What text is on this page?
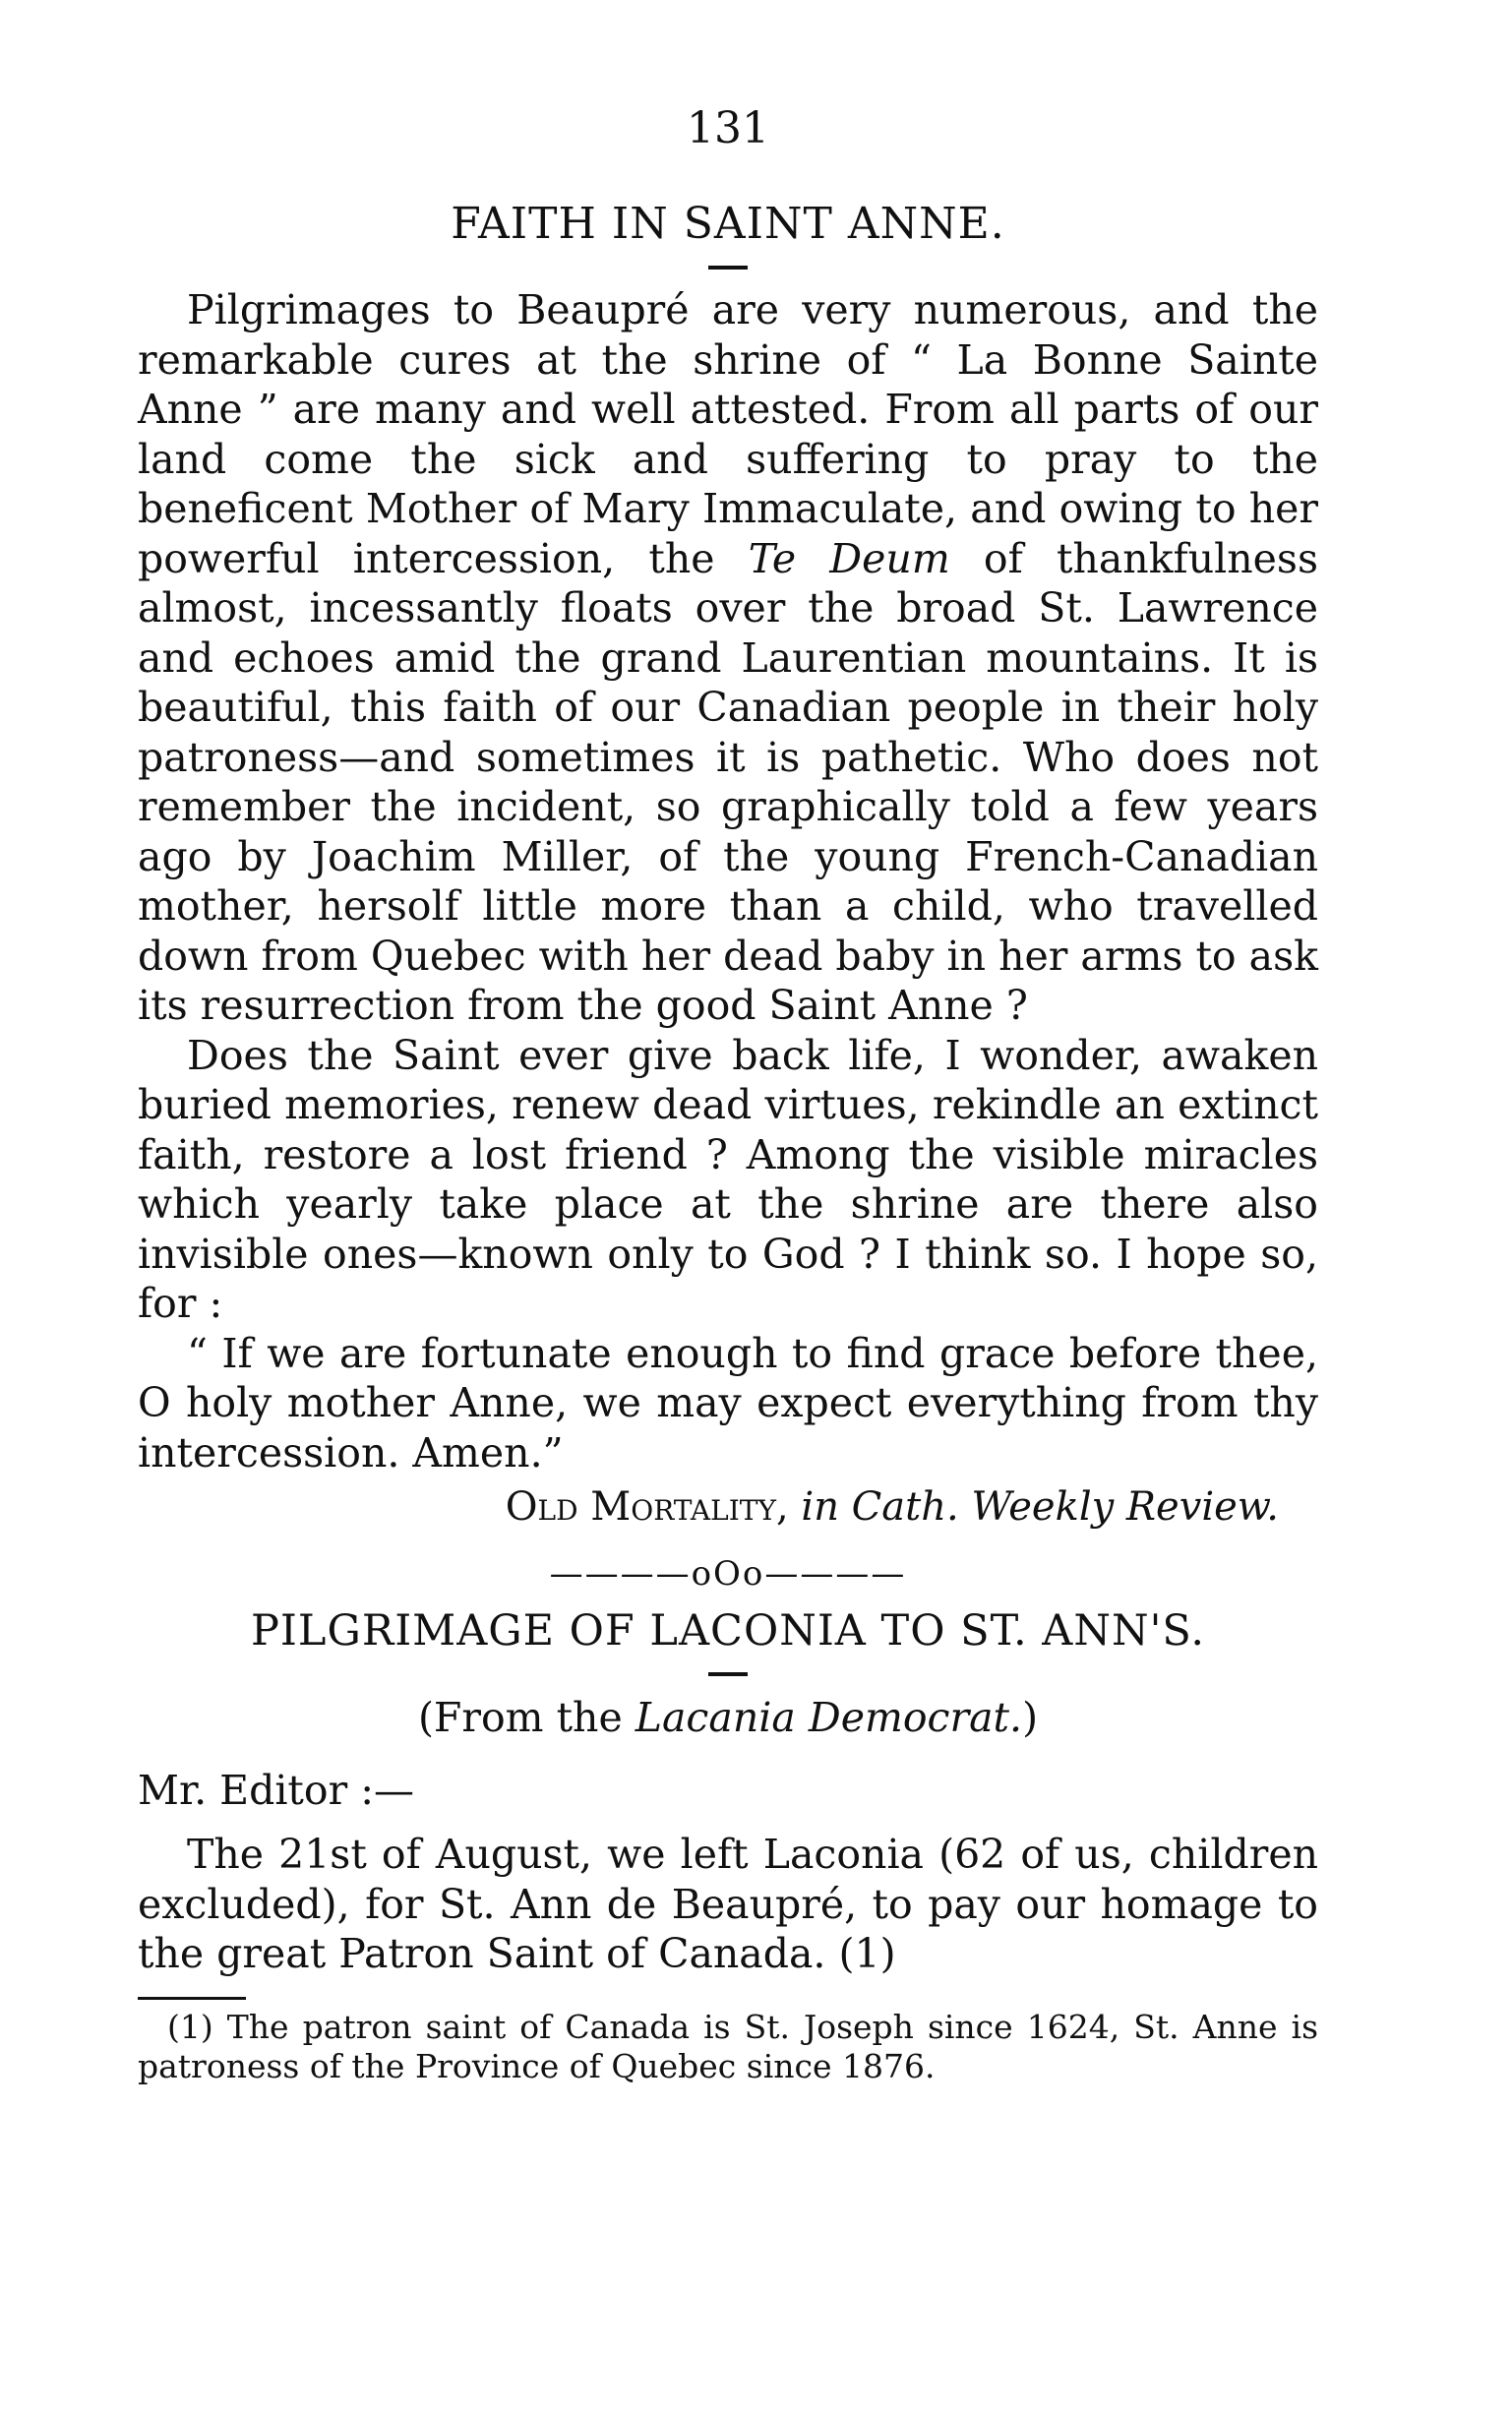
131
FAITH IN SAINT ANNE.

Pilgrimages to Beaupré are very numerous, and the remarkable cures at the shrine of “ La Bonne Sainte Anne ” are many and well attested. From all parts of our land come the sick and suffering to pray to the beneficent Mother of Mary Immaculate, and owing to her powerful intercession, the Te Deum of thankfulness almost, incessantly floats over the broad St. Lawrence and echoes amid the grand Laurentian mountains. It is beautiful, this faith of our Canadian people in their holy patroness—and sometimes it is pathetic. Who does not remember the incident, so graphically told a few years ago by Joachim Miller, of the young French-Canadian mother, hersolf little more than a child, who travelled down from Quebec with her dead baby in her arms to ask its resurrection from the good Saint Anne ?

Does the Saint ever give back life, I wonder, awaken buried memories, renew dead virtues, rekindle an extinct faith, restore a lost friend ? Among the visible miracles which yearly take place at the shrine are there also invisible ones—known only to God ? I think so. I hope so, for :

“ If we are fortunate enough to find grace before thee, O holy mother Anne, we may expect everything from thy intercession. Amen.”

Old Mortality, in Cath. Weekly Review.
————oOo————
PILGRIMAGE OF LACONIA TO ST. ANN'S.
(From the Lacania Democrat.)
Mr. Editor :—

The 21st of August, we left Laconia (62 of us, children excluded), for St. Ann de Beaupré, to pay our homage to the great Patron Saint of Canada. (1)

(1) The patron saint of Canada is St. Joseph since 1624, St. Anne is patroness of the Province of Quebec since 1876.
